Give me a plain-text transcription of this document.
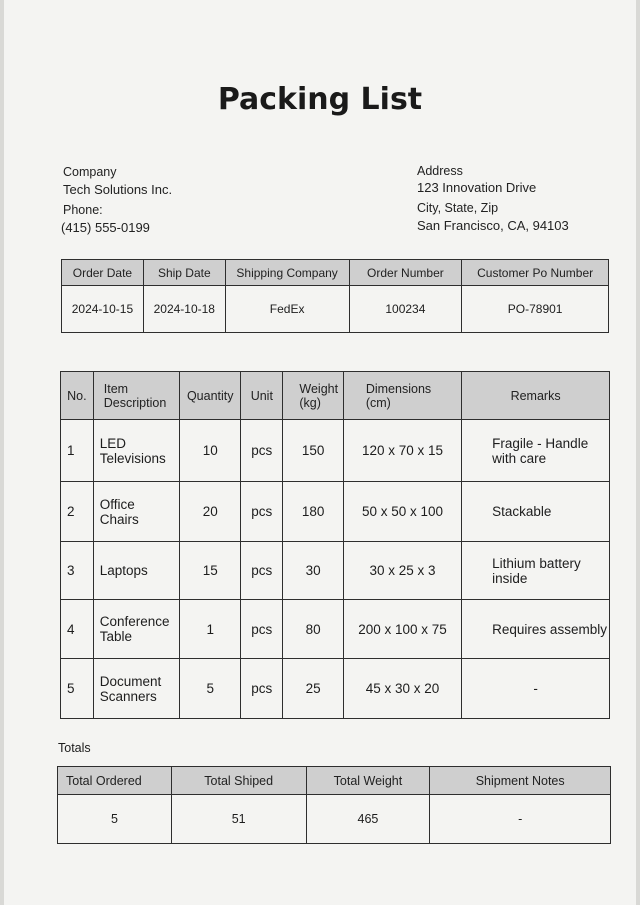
Packing List
Company
Tech Solutions Inc.
Phone:
(415) 555-0199
Address
123 Innovation Drive
City, State, Zip
San Francisco, CA, 94103
Order Date	Ship Date	Shipping Company	Order Number	Customer Po Number
2024-10-15	2024-10-18	FedEx	100234	PO-78901
No.	Item Description	Quantity	Unit	Weight (kg)	Dimensions (cm)	Remarks
1	LED Televisions	10	pcs	150	120 x 70 x 15	Fragile - Handle with care
2	Office Chairs	20	pcs	180	50 x 50 x 100	Stackable
3	Laptops	15	pcs	30	30 x 25 x 3	Lithium battery inside
4	Conference Table	1	pcs	80	200 x 100 x 75	Requires assembly
5	Document Scanners	5	pcs	25	45 x 30 x 20	-
Totals
Total Ordered	Total Shiped	Total Weight	Shipment Notes
5	51	465	-
